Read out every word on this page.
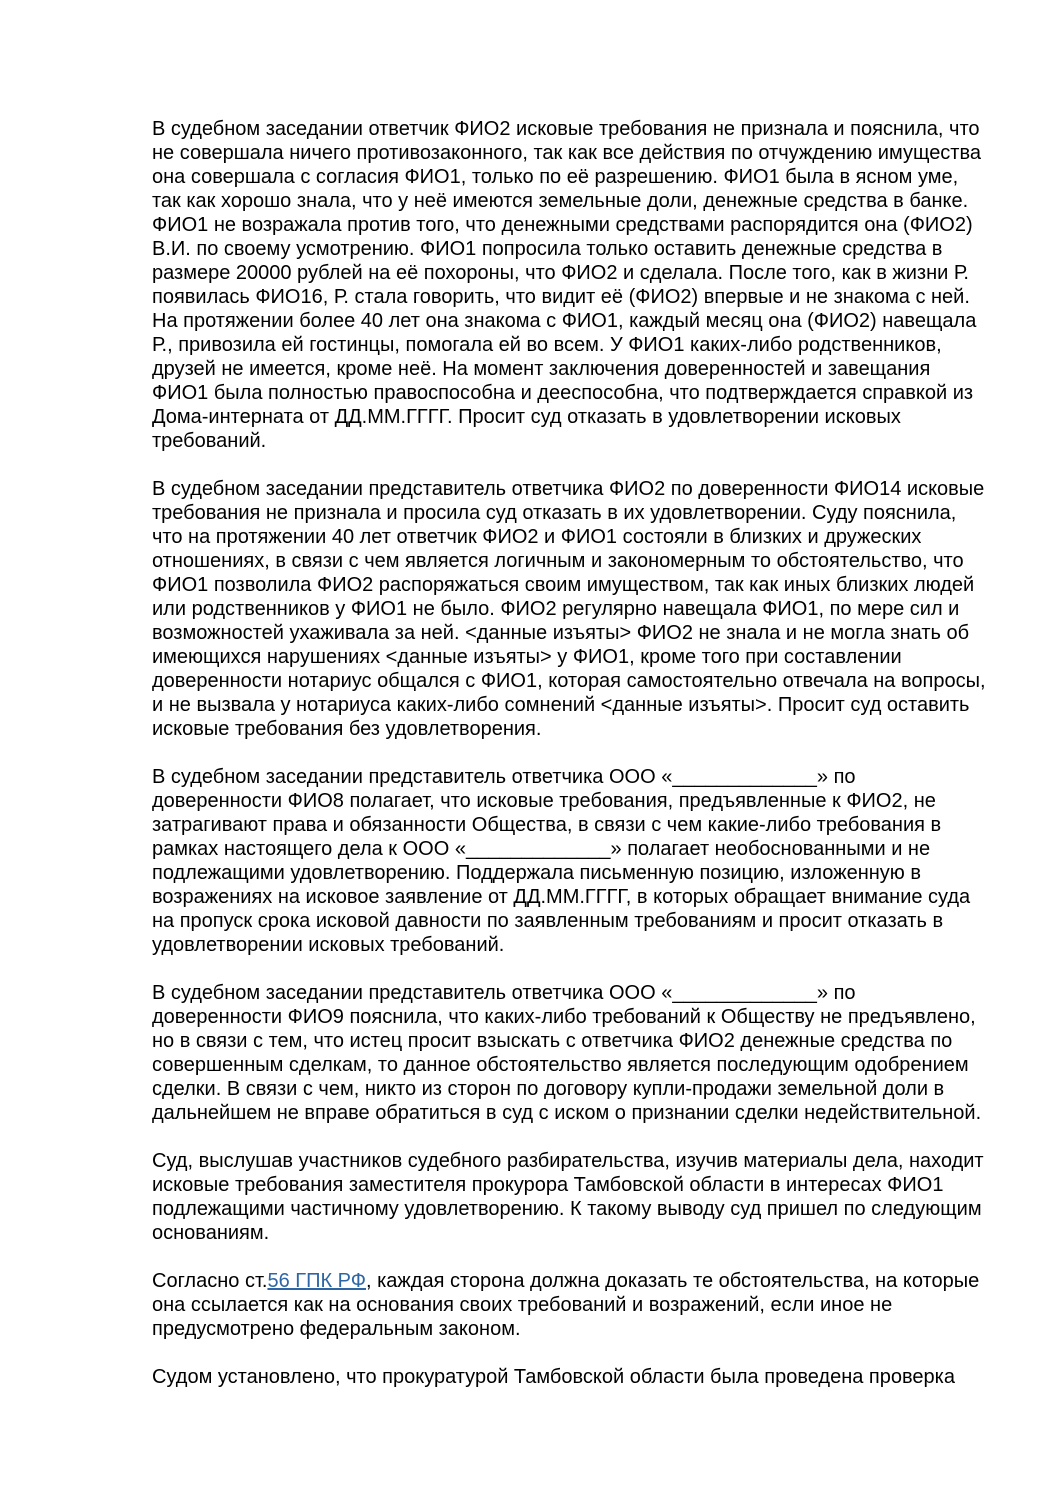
В судебном заседании ответчик ФИО2 исковые требования не признала и пояснила, что не совершала ничего противозаконного, так как все действия по отчуждению имущества она совершала с согласия ФИО1, только по её разрешению. ФИО1 была в ясном уме, так как хорошо знала, что у неё имеются земельные доли, денежные средства в банке. ФИО1 не возражала против того, что денежными средствами распорядится она (ФИО2) В.И. по своему усмотрению. ФИО1 попросила только оставить денежные средства в размере 20000 рублей на её похороны, что ФИО2 и сделала. После того, как в жизни Р. появилась ФИО16, Р. стала говорить, что видит её (ФИО2) впервые и не знакома с ней. На протяжении более 40 лет она знакома с ФИО1, каждый месяц она (ФИО2) навещала Р., привозила ей гостинцы, помогала ей во всем. У ФИО1 каких-либо родственников, друзей не имеется, кроме неё. На момент заключения доверенностей и завещания ФИО1 была полностью правоспособна и дееспособна, что подтверждается справкой из Дома-интерната от ДД.ММ.ГГГГ. Просит суд отказать в удовлетворении исковых требований.

В судебном заседании представитель ответчика ФИО2 по доверенности ФИО14 исковые требования не признала и просила суд отказать в их удовлетворении. Суду пояснила, что на протяжении 40 лет ответчик ФИО2 и ФИО1 состояли в близких и дружеских отношениях, в связи с чем является логичным и закономерным то обстоятельство, что ФИО1 позволила ФИО2 распоряжаться своим имуществом, так как иных близких людей или родственников у ФИО1 не было. ФИО2 регулярно навещала ФИО1, по мере сил и возможностей ухаживала за ней. <данные изъяты> ФИО2 не знала и не могла знать об имеющихся нарушениях <данные изъяты> у ФИО1, кроме того при составлении доверенности нотариус общался с ФИО1, которая самостоятельно отвечала на вопросы, и не вызвала у нотариуса каких-либо сомнений <данные изъяты>. Просит суд оставить исковые требования без удовлетворения.

В судебном заседании представитель ответчика ООО «_____________» по доверенности ФИО8 полагает, что исковые требования, предъявленные к ФИО2, не затрагивают права и обязанности Общества, в связи с чем какие-либо требования в рамках настоящего дела к ООО «_____________» полагает необоснованными и не подлежащими удовлетворению. Поддержала письменную позицию, изложенную в возражениях на исковое заявление от ДД.ММ.ГГГГ, в которых обращает внимание суда на пропуск срока исковой давности по заявленным требованиям и просит отказать в удовлетворении исковых требований.

В судебном заседании представитель ответчика ООО «_____________» по доверенности ФИО9 пояснила, что каких-либо требований к Обществу не предъявлено, но в связи с тем, что истец просит взыскать с ответчика ФИО2 денежные средства по совершенным сделкам, то данное обстоятельство является последующим одобрением сделки. В связи с чем, никто из сторон по договору купли-продажи земельной доли в дальнейшем не вправе обратиться в суд с иском о признании сделки недействительной.

Суд, выслушав участников судебного разбирательства, изучив материалы дела, находит исковые требования заместителя прокурора Тамбовской области в интересах ФИО1 подлежащими частичному удовлетворению. К такому выводу суд пришел по следующим основаниям.

Согласно ст.56 ГПК РФ, каждая сторона должна доказать те обстоятельства, на которые она ссылается как на основания своих требований и возражений, если иное не предусмотрено федеральным законом.

Судом установлено, что прокуратурой Тамбовской области была проведена проверка
